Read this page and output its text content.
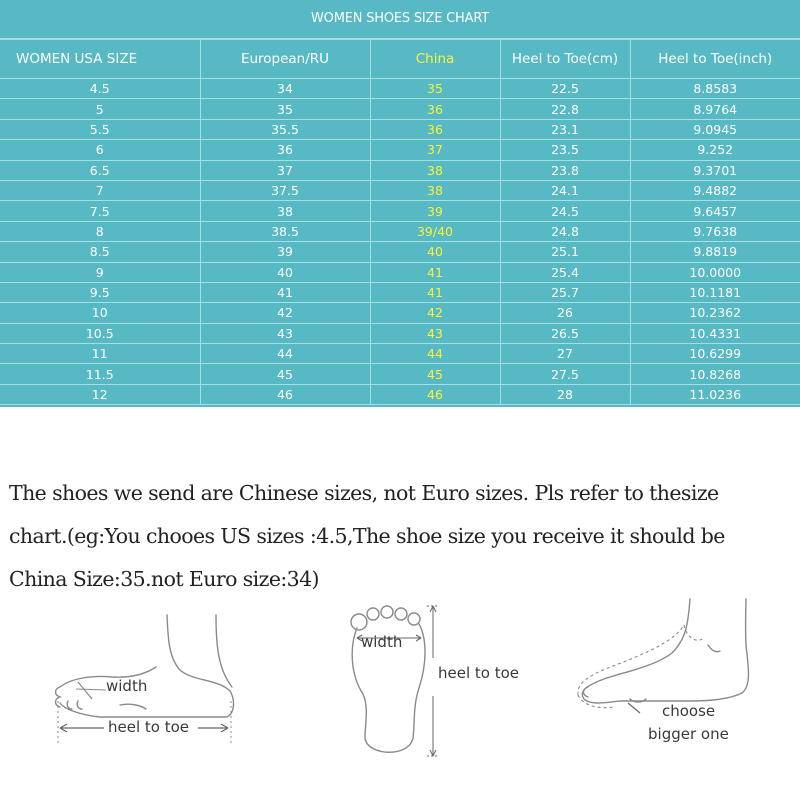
WOMEN SHOES SIZE CHART
WOMEN USA SIZE	European/RU	China	Heel to Toe(cm)	Heel to Toe(inch)
4.5	34	35	22.5	8.8583
5	35	36	22.8	8.9764
5.5	35.5	36	23.1	9.0945
6	36	37	23.5	9.252
6.5	37	38	23.8	9.3701
7	37.5	38	24.1	9.4882
7.5	38	39	24.5	9.6457
8	38.5	39/40	24.8	9.7638
8.5	39	40	25.1	9.8819
9	40	41	25.4	10.0000
9.5	41	41	25.7	10.1181
10	42	42	26	10.2362
10.5	43	43	26.5	10.4331
11	44	44	27	10.6299
11.5	45	45	27.5	10.8268
12	46	46	28	11.0236

The shoes we send are Chinese sizes, not Euro sizes. Pls refer to thesize

chart.(eg:You chooes US sizes :4.5,The shoe size you receive it should be

China Size:35.not Euro size:34)

width
heel to toe
width
heel to toe
choose
bigger one
